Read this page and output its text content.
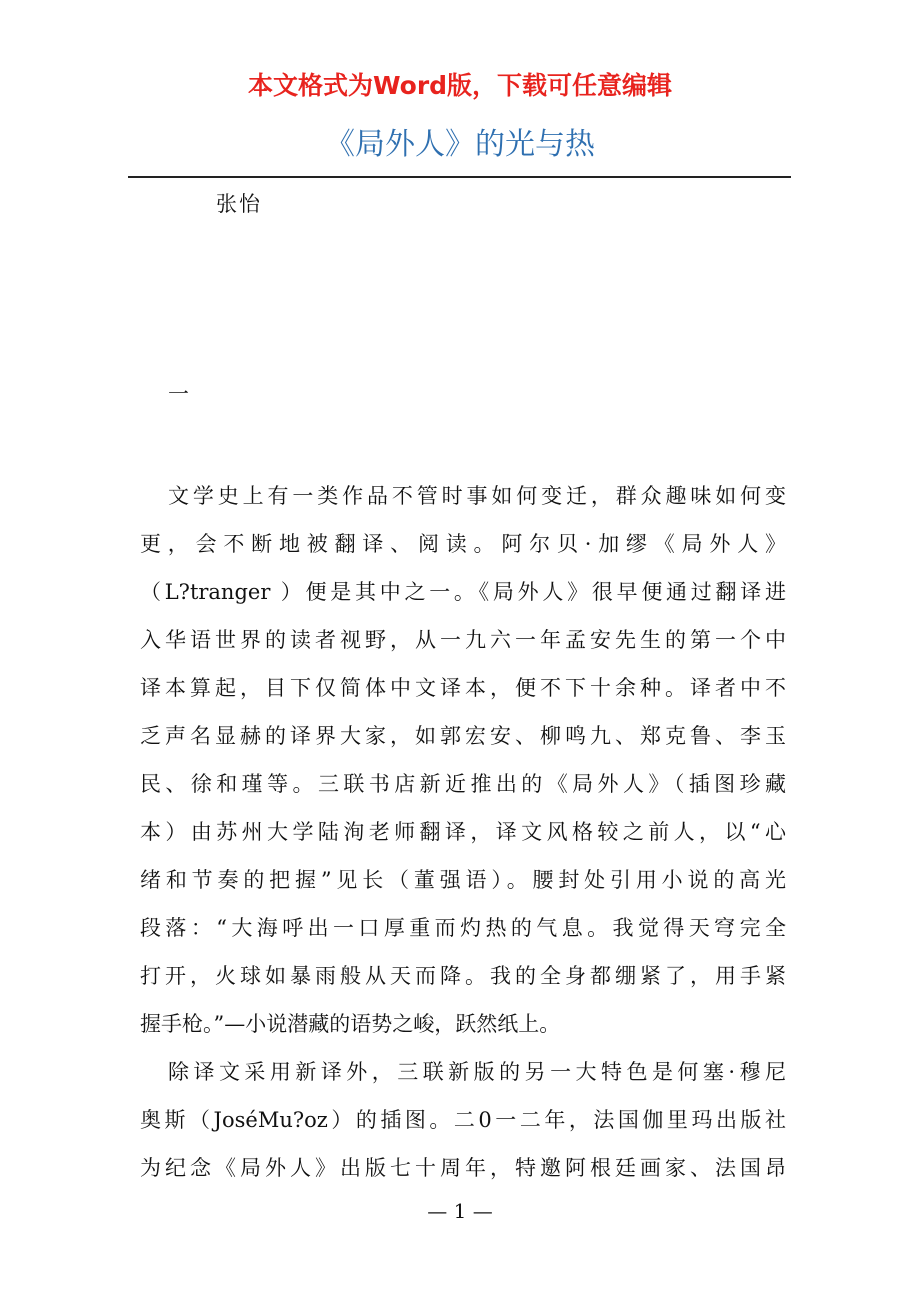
本文格式为Word版，下载可任意编辑
《局外人》的光与热
张怡
一
文学史上有一类作品不管时事如何变迁，群众趣味如何变
更，会不断地被翻译、阅读。阿尔贝·加缪《局外人》
（L?tranger ）便是其中之一。《局外人》很早便通过翻译进
入华语世界的读者视野，从一九六一年孟安先生的第一个中
译本算起，目下仅简体中文译本，便不下十余种。译者中不
乏声名显赫的译界大家，如郭宏安、柳鸣九、郑克鲁、李玉
民、徐和瑾等。三联书店新近推出的《局外人》（插图珍藏
本）由苏州大学陆洵老师翻译，译文风格较之前人，以“心
绪和节奏的把握”见长（董强语）。腰封处引用小说的高光
段落：“大海呼出一口厚重而灼热的气息。我觉得天穹完全
打开，火球如暴雨般从天而降。我的全身都绷紧了，用手紧
握手枪。”—小说潜藏的语势之峻，跃然纸上。
除译文采用新译外，三联新版的另一大特色是何塞·穆尼
奥斯（JoséMu?oz）的插图。二0一二年，法国伽里玛出版社
为纪念《局外人》出版七十周年，特邀阿根廷画家、法国昂
— 1 —
